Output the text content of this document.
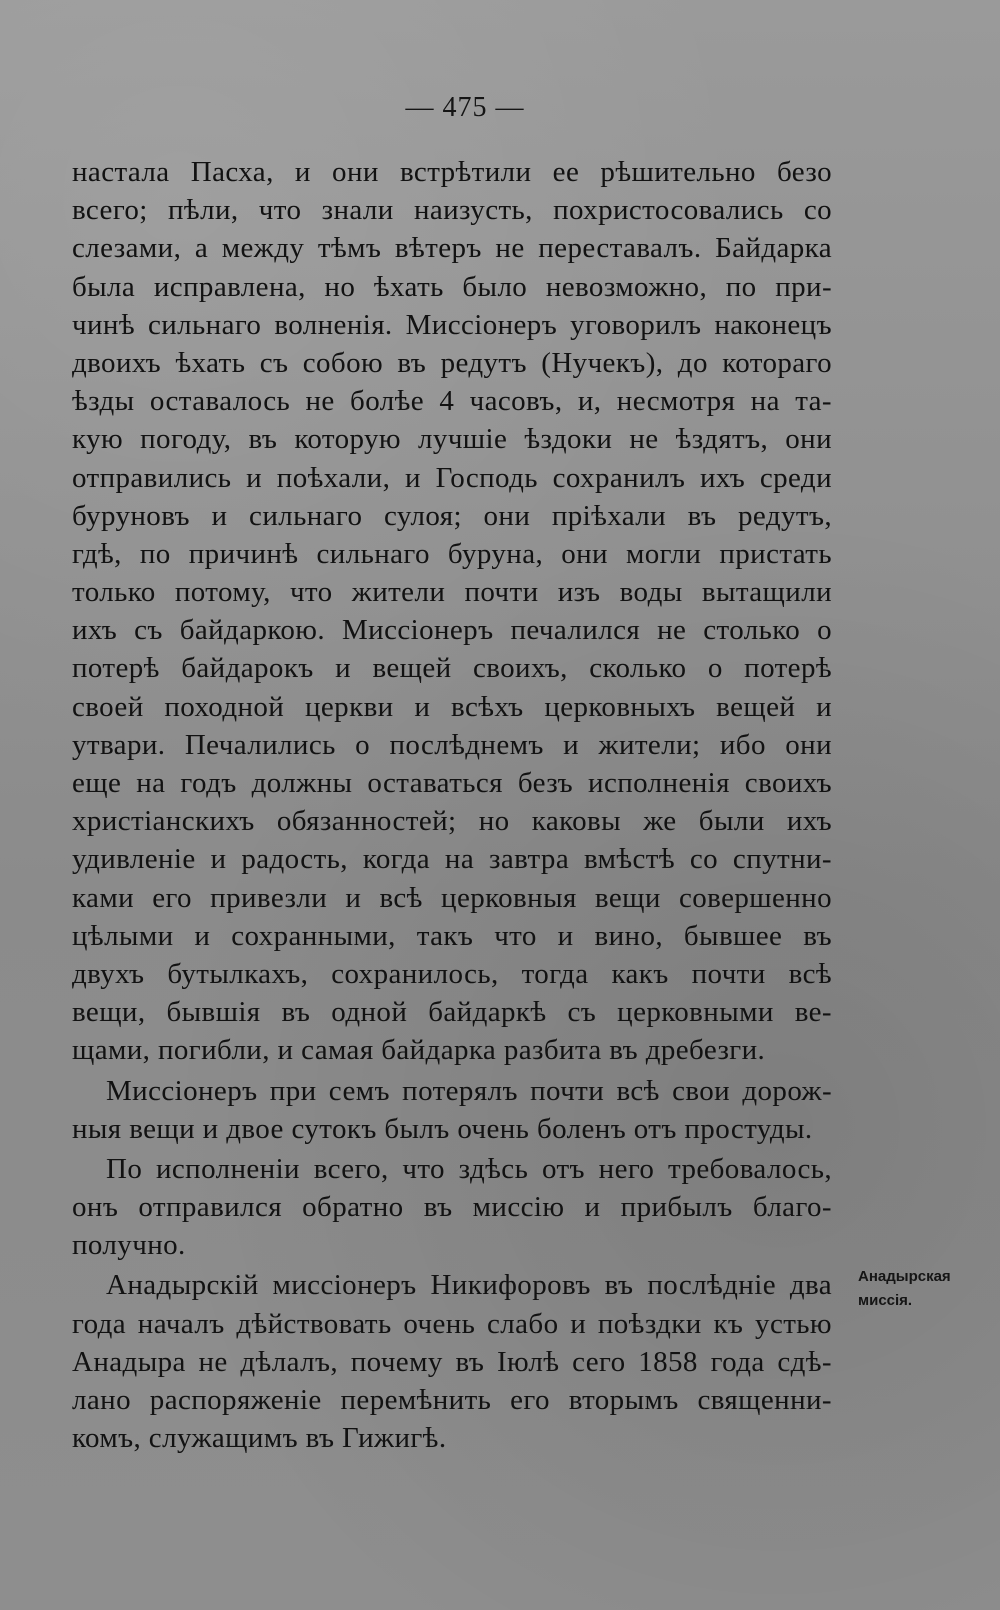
— 475 —
настала Пасха, и они встрѣтили ее рѣшительно безо
всего; пѣли, что знали наизусть, похристосовались со
слезами, а между тѣмъ вѣтеръ не переставалъ. Байдарка
была исправлена, но ѣхать было невозможно, по при-
чинѣ сильнаго волненія. Миссіонеръ уговорилъ наконецъ
двоихъ ѣхать съ собою въ редутъ (Нучекъ), до котораго
ѣзды оставалось не болѣе 4 часовъ, и, несмотря на та-
кую погоду, въ которую лучшіе ѣздоки не ѣздятъ, они
отправились и поѣхали, и Господь сохранилъ ихъ среди
буруновъ и сильнаго сулоя; они пріѣхали въ редутъ,
гдѣ, по причинѣ сильнаго буруна, они могли пристать
только потому, что жители почти изъ воды вытащили
ихъ съ байдаркою. Миссіонеръ печалился не столько о
потерѣ байдарокъ и вещей своихъ, сколько о потерѣ
своей походной церкви и всѣхъ церковныхъ вещей и
утвари. Печалились о послѣднемъ и жители; ибо они
еще на годъ должны оставаться безъ исполненія своихъ
христіанскихъ обязанностей; но каковы же были ихъ
удивленіе и радость, когда на завтра вмѣстѣ со спутни-
ками его привезли и всѣ церковныя вещи совершенно
цѣлыми и сохранными, такъ что и вино, бывшее въ
двухъ бутылкахъ, сохранилось, тогда какъ почти всѣ
вещи, бывшія въ одной байдаркѣ съ церковными ве-
щами, погибли, и самая байдарка разбита въ дребезги.
Миссіонеръ при семъ потерялъ почти всѣ свои дорож-
ныя вещи и двое сутокъ былъ очень боленъ отъ простуды.
По исполненіи всего, что здѣсь отъ него требовалось,
онъ отправился обратно въ миссію и прибылъ благо-
получно.
Анадырскій миссіонеръ Никифоровъ въ послѣдніе два
года началъ дѣйствовать очень слабо и поѣздки къ устью
Анадыра не дѣлалъ, почему въ Іюлѣ сего 1858 года сдѣ-
лано распоряженіе перемѣнить его вторымъ священни-
комъ, служащимъ въ Гижигѣ.
Анадырская
миссія.
